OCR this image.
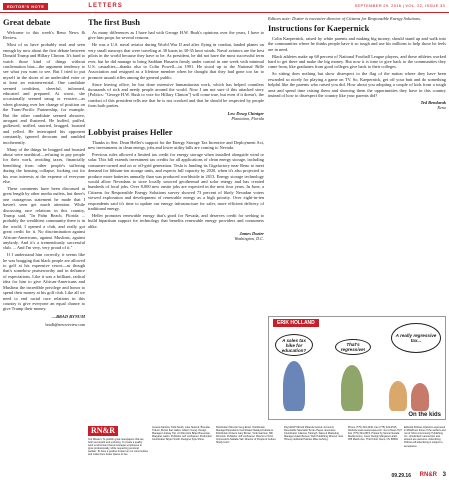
EDITOR'S NOTE	LETTERS	SEPTEMBER 29, 2016 | VOL. 22, ISSUE 33
Great debate

Welcome to this week's Reno News & Review.

Most of us have probably read and seen enough by now about the first debate between Donald Trump and Hillary Clinton. It's hard to watch those kind of things without confirmation bias—the argument tendency to see what you want to see. But I tried to put myself in the shoes of an undecided voter or at least an extraterrestrial. One candidate seemed confident, cheerful, informed, educated and prepared. At worst, she occasionally seemed smug or evasive—as when glossing over her change of position on the Trans-Pacific Partnership, for example. But the other candidate seemed abrasive, arrogant and flustered. He huffed, puffed, guffawed, sniffed, snorted, bragged, boasted and yelled. He interrupted his opponent constantly, ignored decorum and rambled incoherently.

Many of the things he bragged and boasted about were unethical—refusing to pay people for their work, avoiding taxes, financially benefiting from other people's suffering during the housing collapse, looking out for his own interests at the expense of everyone else.

These comments have been discussed at great length by other media outlets, but there's one outrageous statement he made that I haven't seen get much attention. While discussing race relations in this country, Trump said, "In Palm Beach, Florida ... probably the wealthiest community there is in the world, I opened a club, and really got great credit for it. No discrimination against African-Americans, against Muslims, against anybody. And it's a tremendously successful club. ... And I'm very, very proud of it."

If I understand him correctly, it seems like he was bragging that black people are allowed to golf at his expensive resort—as though that's somehow praiseworthy and in defiance of expectations. Like it was a brilliant, radical idea for him to give African-Americans and Muslims the incredible privilege and honor to spend their money at his golf club. Like all we need to end racial race relations in this country is give everyone an equal chance to give Trump their money.

—BRAD BYNUM
bradb@newsreview.com
The first Bush

As many differences as I have had with George H.W. Bush's opinions over the years, I have to give him props for several reasons.

He was a U.S. naval aviator during World War II and after flying in combat, landed planes on very small runways that were traveling at 30 knots in 30-35 knot winds. Naval aviators are the best pilots in the world because they have to be. As president, he did not have the most successful term ever, but he did manage to bring Saddam Hussein firmly under control in one week with minimal U.S. casualties—thanks also to Colin Powell—in 1991. He stood up to the National Rifle Association and resigned as a lifetime member when he thought that they had gone too far to promote assault rifles among the general public.

Since leaving office, he has done extensive humanitarian work, which has helped countless thousands of sick and needy people around the world. Now I am not sure if this attacked story [Politics: "George H.W. Bush to vote for Hillary Clinton"] will come true, but even if it doesn't, the conduct of this president tells me that he is not crooked and that he should be respected by people from both parties.

Lew Dowg Chiniger
Plantation, Florida
Lobbyist praises Heller

Thanks to Sen. Dean Heller's support for the Energy Storage Tax Incentive and Deployment Act, new investments in clean energy, jobs and lower utility bills are coming to Nevada.

Previous rules allowed a limited tax credit for energy storage when installed alongside wind or solar. This bill extends investment tax credits for all applications of clean energy storage, including consumer-owned and on or off-grid generation. Tesla is funding its Gigafactory near Reno to meet demand for lithium-ion storage units, and expects full capacity by 2020, when it's also projected to produce more batteries annually than was produced worldwide in 2013. Energy storage technology would allow Nevadans to store locally sourced geothermal and solar energy and has created hundreds of local jobs. Over 8,000 new onsite jobs are expected in the next four years. In June, a Citizens for Responsible Energy Solutions survey showed 73 percent of likely Nevadan voters viewed exploration and development of renewable energy as a high priority. Over eight-in-ten respondents said it's time to update our energy infrastructure for safer, more efficient delivery of traditional energy.

Heller promotes renewable energy that's good for Nevada, and deserves credit for seeking to build bipartisan support for technology that benefits renewable energy providers and consumers alike.

James Dozier
Washington, D.C.

Editors note: Dozier is executive director of Citizens for Responsible Energy Solutions.

Instructions for Kaepernick

Colin Kaepernick, raised by white parents and making big money, should stand up and walk into the communities where he thinks people have it so tough and use his millions to help those he feels are in need.

Black athletes make up 68 percent of National Football League players, and these athletes worked hard to get there and make the big money. But now it is time to give back to the communities they came from, like graduates from good colleges give back to their colleges.

So sitting does nothing but show disrespect to the flag of the nation where they have been rewarded so nicely for playing a game on TV. So, Kaepernick, get off your butt and do something helpful like the parents who raised you did. How about you adopting a couple of kids from a tough area and spend time raising them and showing them the opportunities they have in this country instead of how to disrespect the country like your parents did?

Ted Bendarak
Reno
ERIK HOLLAND
A sales tax hike for education?
That's regressive!
A really regressive tax...
On the kids
RN&R
Our Mission: To publish great newspapers that are both successful and enduring. To create a quality work environment that encourages employees to grow professionally, while respecting personal welfare. To have a positive impact on our communities and make them better places to live.
Jessica Santina, Todd South, Luke Starrett, Brendan Trainor, Brown Ikar Gailes, Allison Young. Design Manager Lindsay Trip. Art Directors Brian Breneman, Margaret Larkin. Publisher Jeff vonKaenel. Production Coordinator Skyler Smith. Designer Kyle Shine.
Distribution Director Greg Erwin. Distribution Manager/Operations Coordinator Natalya Kobeleva. Distribution Drivers Gary Brown, Vicki Garrison, Bill Dimmick. Publisher Jeff vonKaenel. Director of First Impressions Nattalie Vall. Director of People & Culture Shelly Kurtz.
Payroll/AP Wizard Miranda Garrett. Accounts Receivable Specialist Terran Hayes. Executive Coordinator Julienne Tutsingh. Sales & Marketing Manager Adam Benesi. Web Publishing Director Jess Hirseny. Editorial Policies Mike Gehring.
Phone (775) 324-4440. Fax (775) 324-2515. Website www.newsreview.com. Got a News Tip? Fax (775) 324-2515. Printed by Sierra Nevada Media Group. Cover Design Margaret Larkin. 455 Marsh Ave, Third Floor, Reno, NV 89509
Editorial Policies Opinions expressed in RN&R are those of the authors and not of Chico Community Publishing Inc. Unsolicited manuscripts and artwork are welcome. Advertising Policies All advertising is subject to acceptance.
09.29.16 RN&R 3
